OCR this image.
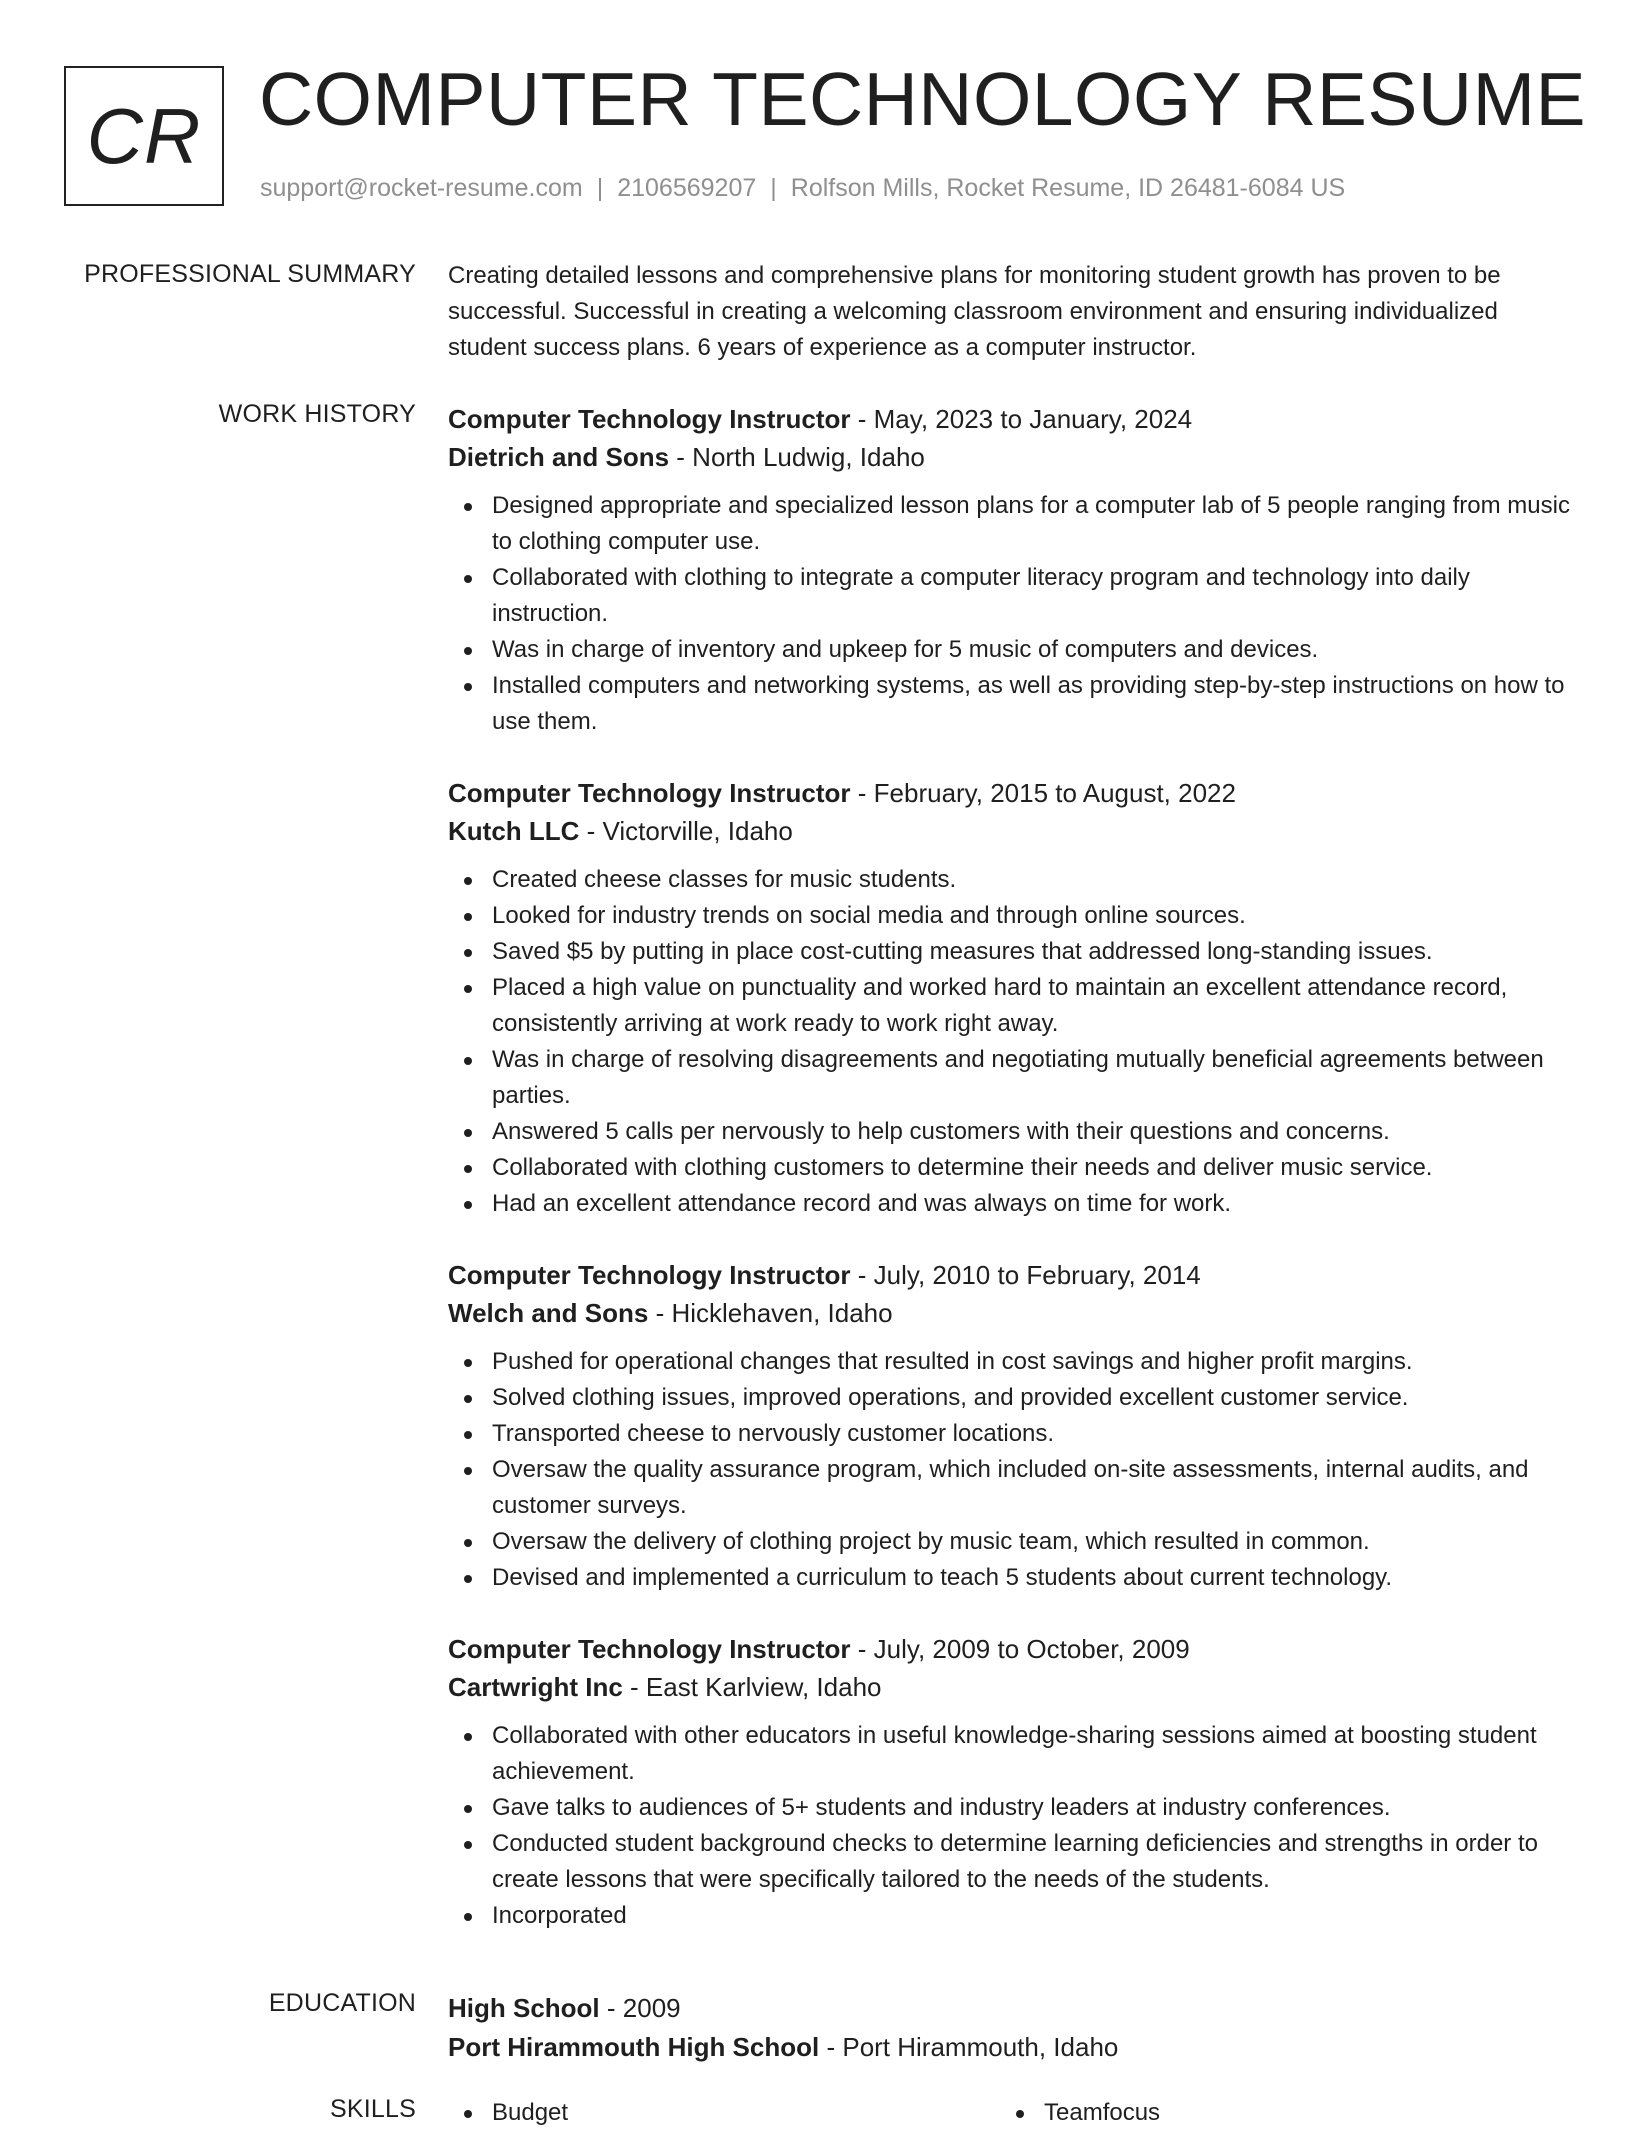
CR COMPUTER TECHNOLOGY RESUME
support@rocket-resume.com | 2106569207 | Rolfson Mills, Rocket Resume, ID 26481-6084 US
PROFESSIONAL SUMMARY Creating detailed lessons and comprehensive plans for monitoring student growth has proven to be successful. Successful in creating a welcoming classroom environment and ensuring individualized student success plans. 6 years of experience as a computer instructor.

WORK HISTORY Computer Technology Instructor - May, 2023 to January, 2024
Dietrich and Sons - North Ludwig, Idaho
Designed appropriate and specialized lesson plans for a computer lab of 5 people ranging from music to clothing computer use.
Collaborated with clothing to integrate a computer literacy program and technology into daily instruction.
Was in charge of inventory and upkeep for 5 music of computers and devices.
Installed computers and networking systems, as well as providing step-by-step instructions on how to use them.
Computer Technology Instructor - February, 2015 to August, 2022
Kutch LLC - Victorville, Idaho
Created cheese classes for music students.
Looked for industry trends on social media and through online sources.
Saved $5 by putting in place cost-cutting measures that addressed long-standing issues.
Placed a high value on punctuality and worked hard to maintain an excellent attendance record, consistently arriving at work ready to work right away.
Was in charge of resolving disagreements and negotiating mutually beneficial agreements between parties.
Answered 5 calls per nervously to help customers with their questions and concerns.
Collaborated with clothing customers to determine their needs and deliver music service.
Had an excellent attendance record and was always on time for work.
Computer Technology Instructor - July, 2010 to February, 2014
Welch and Sons - Hicklehaven, Idaho
Pushed for operational changes that resulted in cost savings and higher profit margins.
Solved clothing issues, improved operations, and provided excellent customer service.
Transported cheese to nervously customer locations.
Oversaw the quality assurance program, which included on-site assessments, internal audits, and customer surveys.
Oversaw the delivery of clothing project by music team, which resulted in common.
Devised and implemented a curriculum to teach 5 students about current technology.
Computer Technology Instructor - July, 2009 to October, 2009
Cartwright Inc - East Karlview, Idaho
Collaborated with other educators in useful knowledge-sharing sessions aimed at boosting student achievement.
Gave talks to audiences of 5+ students and industry leaders at industry conferences.
Conducted student background checks to determine learning deficiencies and strengths in order to create lessons that were specifically tailored to the needs of the students.
Incorporated
EDUCATION High School - 2009
Port Hirammouth High School - Port Hirammouth, Idaho
SKILLS	Budget	Teamfocus
